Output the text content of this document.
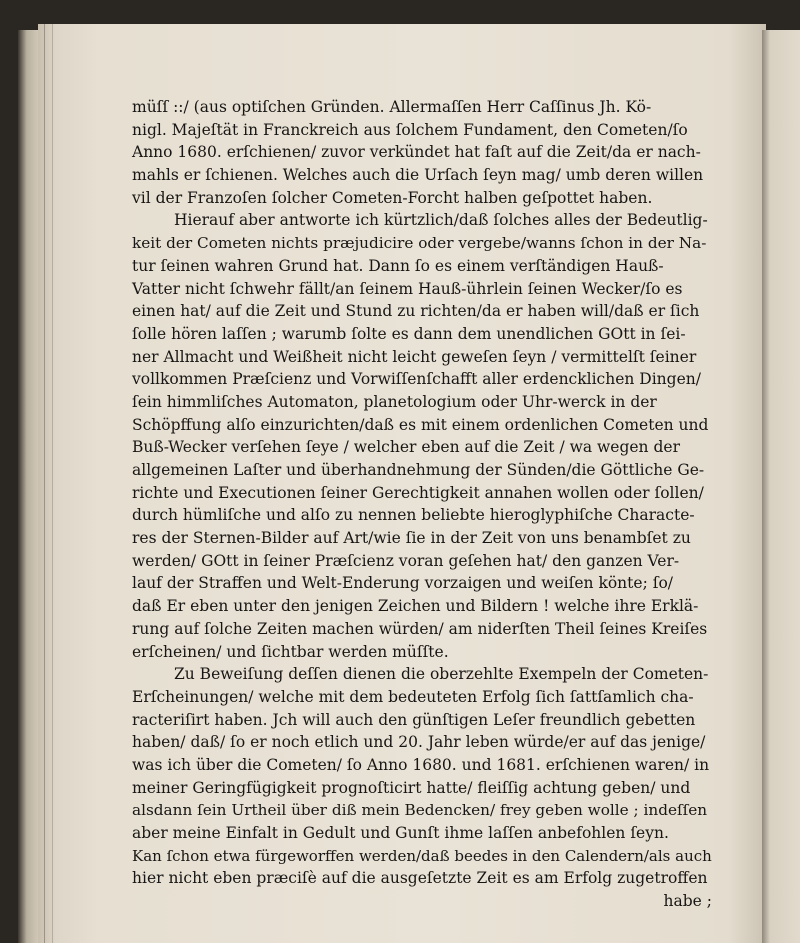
müſſ ::/ (aus optiſchen Gründen. Allermaſſen Herr Caſſinus Jh. Kö-
nigl. Majeſtät in Franckreich aus ſolchem Fundament, den Cometen/ſo
Anno 1680. erſchienen/ zuvor verkündet hat faſt auf die Zeit/da er nach-
mahls er ſchienen. Welches auch die Urſach ſeyn mag/ umb deren willen
vil der Franzoſen ſolcher Cometen-Forcht halben geſpottet haben.
Hierauf aber antworte ich kürtzlich/daß ſolches alles der Bedeutlig-
keit der Cometen nichts præjudicire oder vergebe/wanns ſchon in der Na-
tur ſeinen wahren Grund hat. Dann ſo es einem verſtändigen Hauß-
Vatter nicht ſchwehr fällt/an ſeinem Hauß-ührlein ſeinen Wecker/ſo es
einen hat/ auf die Zeit und Stund zu richten/da er haben will/daß er ſich
ſolle hören laſſen ; warumb ſolte es dann dem unendlichen GOtt in ſei-
ner Allmacht und Weißheit nicht leicht geweſen ſeyn / vermittelſt ſeiner
vollkommen Præſcienz und Vorwiſſenſchafft aller erdencklichen Dingen/
ſein himmliſches Automaton, planetologium oder Uhr-werck in der
Schöpffung alſo einzurichten/daß es mit einem ordenlichen Cometen und
Buß-Wecker verſehen ſeye / welcher eben auf die Zeit / wa wegen der
allgemeinen Laſter und überhandnehmung der Sünden/die Göttliche Ge-
richte und Executionen ſeiner Gerechtigkeit annahen wollen oder ſollen/
durch hümliſche und alſo zu nennen beliebte hieroglyphiſche Characte-
res der Sternen-Bilder auf Art/wie ſie in der Zeit von uns benambſet zu
werden/ GOtt in ſeiner Præſcienz voran geſehen hat/ den ganzen Ver-
lauf der Straffen und Welt-Enderung vorzaigen und weiſen könte; ſo/
daß Er eben unter den jenigen Zeichen und Bildern ! welche ihre Erklä-
rung auf ſolche Zeiten machen würden/ am niderſten Theil ſeines Kreiſes
erſcheinen/ und ſichtbar werden müſſte.
Zu Beweiſung deſſen dienen die oberzehlte Exempeln der Cometen-
Erſcheinungen/ welche mit dem bedeuteten Erfolg ſich ſattſamlich cha-
racteriſirt haben. Jch will auch den günſtigen Leſer freundlich gebetten
haben/ daß/ ſo er noch etlich und 20. Jahr leben würde/er auf das jenige/
was ich über die Cometen/ ſo Anno 1680. und 1681. erſchienen waren/ in
meiner Geringfügigkeit prognoſticirt hatte/ fleiſſig achtung geben/ und
alsdann ſein Urtheil über diß mein Bedencken/ frey geben wolle ; indeſſen
aber meine Einfalt in Gedult und Gunſt ihme laſſen anbefohlen ſeyn.
Kan ſchon etwa fürgeworffen werden/daß beedes in den Calendern/als auch
hier nicht eben præciſè auf die ausgeſetzte Zeit es am Erfolg zugetroffen
habe ;
